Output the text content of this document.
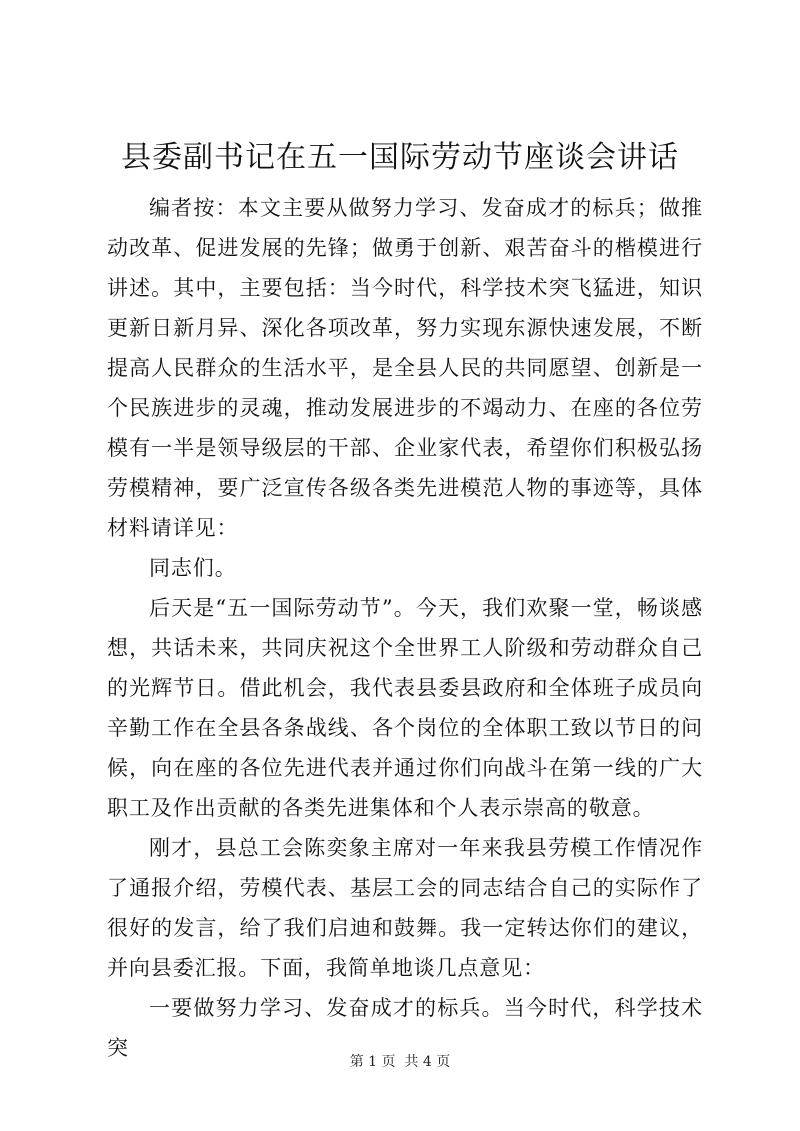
县委副书记在五一国际劳动节座谈会讲话

编者按：本文主要从做努力学习、发奋成才的标兵；做推动改革、促进发展的先锋；做勇于创新、艰苦奋斗的楷模进行讲述。其中，主要包括：当今时代，科学技术突飞猛进，知识更新日新月异、深化各项改革，努力实现东源快速发展，不断提高人民群众的生活水平，是全县人民的共同愿望、创新是一个民族进步的灵魂，推动发展进步的不竭动力、在座的各位劳模有一半是领导级层的干部、企业家代表，希望你们积极弘扬劳模精神，要广泛宣传各级各类先进模范人物的事迹等，具体材料请详见：

同志们。

后天是“五一国际劳动节”。今天，我们欢聚一堂，畅谈感想，共话未来，共同庆祝这个全世界工人阶级和劳动群众自己的光辉节日。借此机会，我代表县委县政府和全体班子成员向辛勤工作在全县各条战线、各个岗位的全体职工致以节日的问候，向在座的各位先进代表并通过你们向战斗在第一线的广大职工及作出贡献的各类先进集体和个人表示崇高的敬意。

刚才，县总工会陈奕象主席对一年来我县劳模工作情况作了通报介绍，劳模代表、基层工会的同志结合自己的实际作了很好的发言，给了我们启迪和鼓舞。我一定转达你们的建议，并向县委汇报。下面，我简单地谈几点意见：

一要做努力学习、发奋成才的标兵。当今时代，科学技术突

第 1 页  共 4 页
